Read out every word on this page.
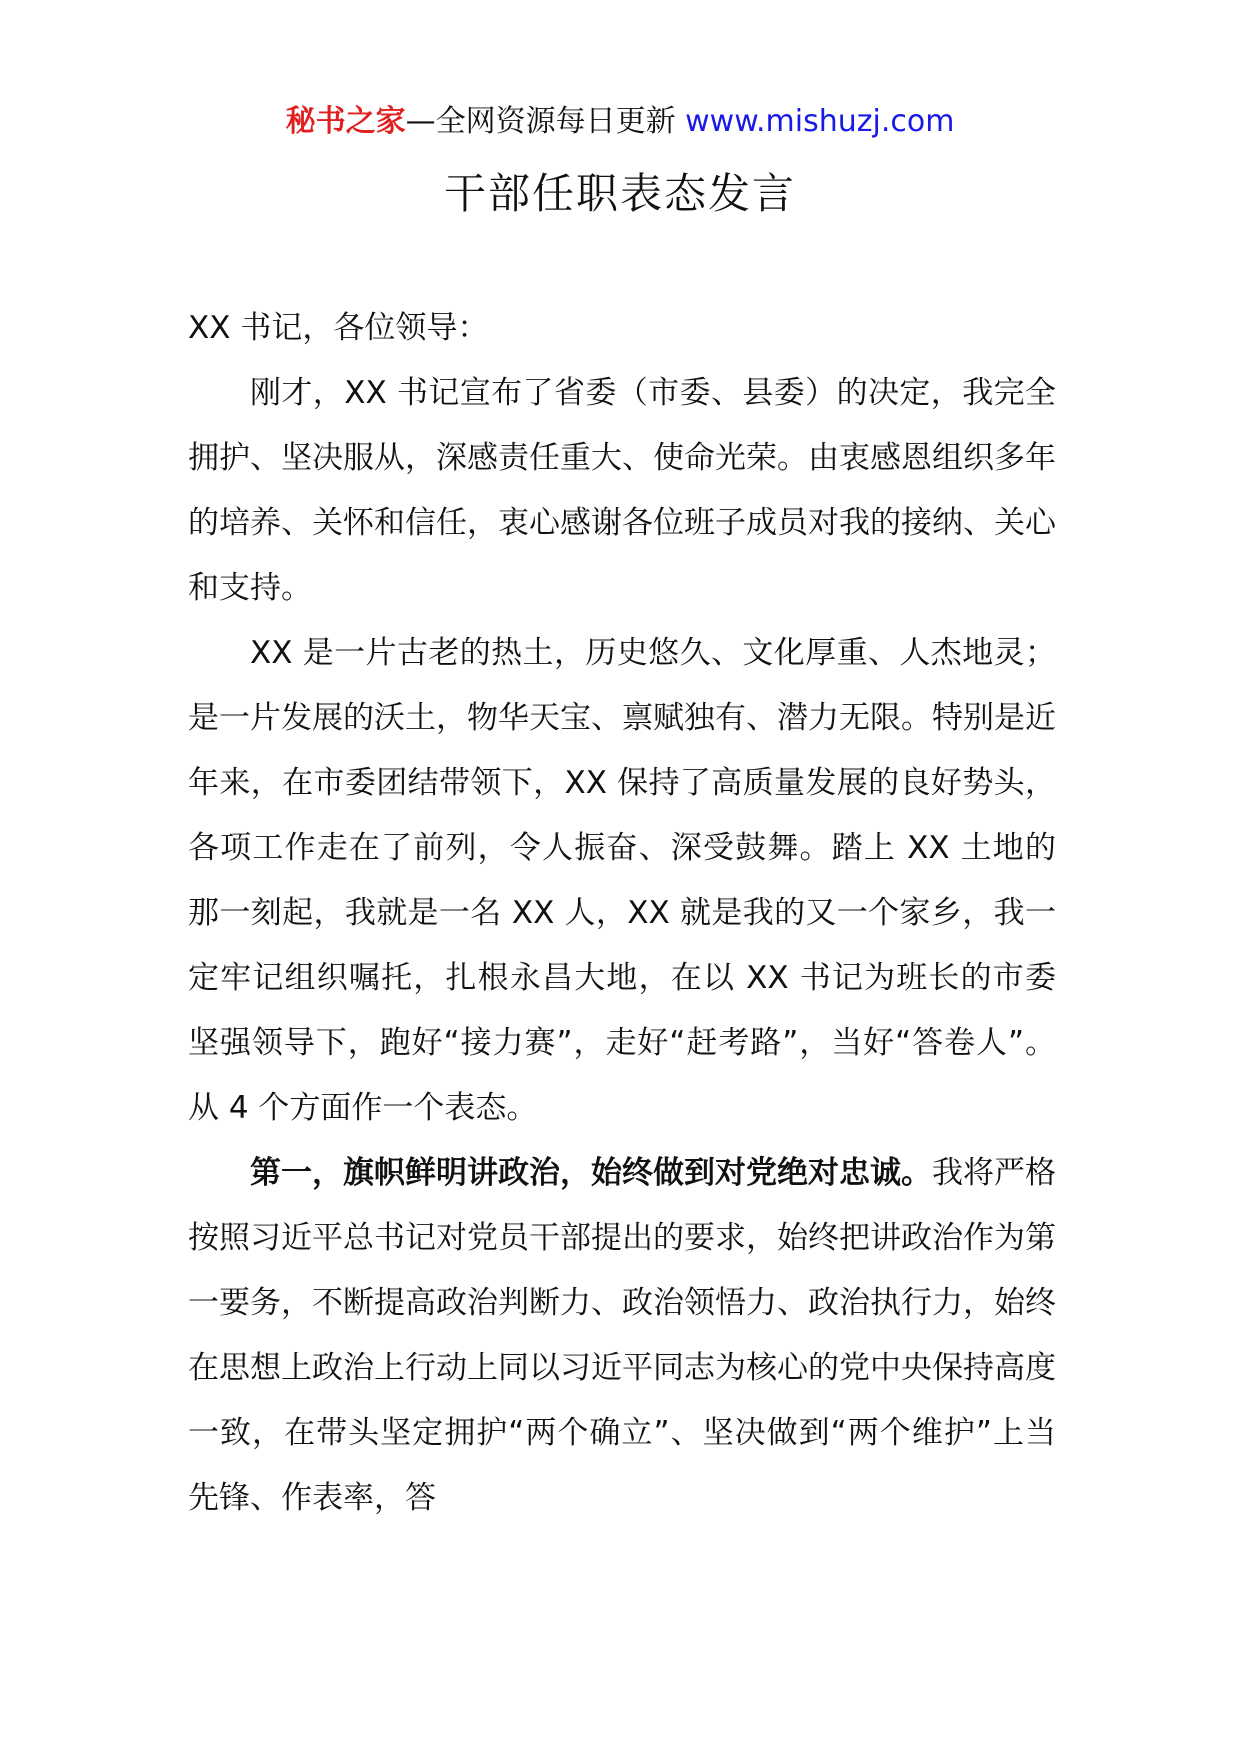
秘书之家—全网资源每日更新 www.mishuzj.com
干部任职表态发言

XX 书记，各位领导：

刚才，XX 书记宣布了省委（市委、县委）的决定，我完全拥护、坚决服从，深感责任重大、使命光荣。由衷感恩组织多年的培养、关怀和信任，衷心感谢各位班子成员对我的接纳、关心和支持。

XX 是一片古老的热土，历史悠久、文化厚重、人杰地灵；是一片发展的沃土，物华天宝、禀赋独有、潜力无限。特别是近年来，在市委团结带领下，XX 保持了高质量发展的良好势头，各项工作走在了前列，令人振奋、深受鼓舞。踏上 XX 土地的那一刻起，我就是一名 XX 人，XX 就是我的又一个家乡，我一定牢记组织嘱托，扎根永昌大地，在以 XX 书记为班长的市委坚强领导下，跑好“接力赛”，走好“赶考路”，当好“答卷人”。从 4 个方面作一个表态。

第一，旗帜鲜明讲政治，始终做到对党绝对忠诚。我将严格按照习近平总书记对党员干部提出的要求，始终把讲政治作为第一要务，不断提高政治判断力、政治领悟力、政治执行力，始终在思想上政治上行动上同以习近平同志为核心的党中央保持高度一致，在带头坚定拥护“两个确立”、坚决做到“两个维护”上当先锋、作表率，答
